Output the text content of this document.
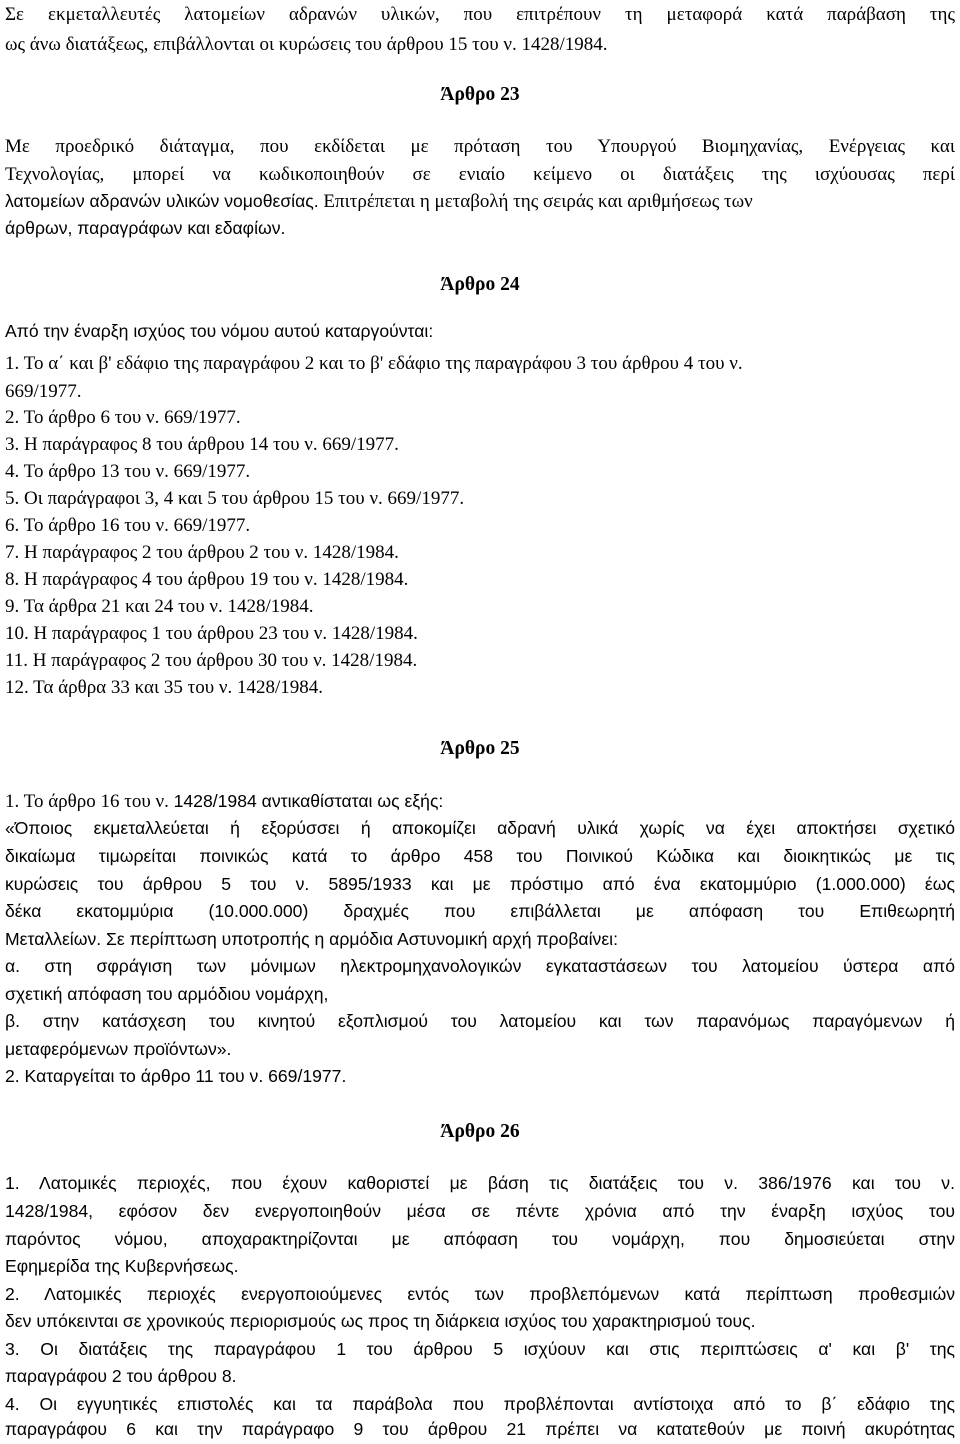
Σε εκμεταλλευτές λατομείων αδρανών υλικών, που επιτρέπουν τη μεταφορά κατά παράβαση της
ως άνω διατάξεως, επιβάλλονται οι κυρώσεις του άρθρου 15 του ν. 1428/1984.
Άρθρο 23
Με προεδρικό διάταγμα, που εκδίδεται με πρόταση του Υπουργού Βιομηχανίας, Ενέργειας και
Τεχνολογίας, μπορεί να κωδικοποιηθούν σε ενιαίο κείμενο οι διατάξεις της ισχύουσας περί
λατομείων αδρανών υλικών νομοθεσίας. Επιτρέπεται η μεταβολή της σειράς και αριθμήσεως των
άρθρων, παραγράφων και εδαφίων.
Άρθρο 24
Από την έναρξη ισχύος του νόμου αυτού καταργούνται:
1. Το α΄ και β' εδάφιο της παραγράφου 2 και το β' εδάφιο της παραγράφου 3 του άρθρου 4 του ν.
669/1977.
2. Το άρθρο 6 του ν. 669/1977.
3. Η παράγραφος 8 του άρθρου 14 του ν. 669/1977.
4. Το άρθρο 13 του ν. 669/1977.
5. Οι παράγραφοι 3, 4 και 5 του άρθρου 15 του ν. 669/1977.
6. Το άρθρο 16 του ν. 669/1977.
7. Η παράγραφος 2 του άρθρου 2 του ν. 1428/1984.
8. Η παράγραφος 4 του άρθρου 19 του ν. 1428/1984.
9. Τα άρθρα 21 και 24 του ν. 1428/1984.
10. Η παράγραφος 1 του άρθρου 23 του ν. 1428/1984.
11. Η παράγραφος 2 του άρθρου 30 του ν. 1428/1984.
12. Τα άρθρα 33 και 35 του ν. 1428/1984.
Άρθρο 25
1. Το άρθρο 16 του ν. 1428/1984 αντικαθίσταται ως εξής:
«Όποιος εκμεταλλεύεται ή εξορύσσει ή αποκομίζει αδρανή υλικά χωρίς να έχει αποκτήσει σχετικό
δικαίωμα τιμωρείται ποινικώς κατά το άρθρο 458 του Ποινικού Κώδικα και διοικητικώς με τις
κυρώσεις του άρθρου 5 του ν. 5895/1933 και με πρόστιμο από ένα εκατομμύριο (1.000.000) έως
δέκα εκατομμύρια (10.000.000) δραχμές που επιβάλλεται με απόφαση του Επιθεωρητή
Μεταλλείων. Σε περίπτωση υποτροπής η αρμόδια Αστυνομική αρχή προβαίνει:
α. στη σφράγιση των μόνιμων ηλεκτρομηχανολογικών εγκαταστάσεων του λατομείου ύστερα από
σχετική απόφαση του αρμόδιου νομάρχη,
β. στην κατάσχεση του κινητού εξοπλισμού του λατομείου και των παρανόμως παραγόμενων ή
μεταφερόμενων προϊόντων».
2. Καταργείται το άρθρο 11 του ν. 669/1977.
Άρθρο 26
1. Λατομικές περιοχές, που έχουν καθοριστεί με βάση τις διατάξεις του ν. 386/1976 και του ν.
1428/1984, εφόσον δεν ενεργοποιηθούν μέσα σε πέντε χρόνια από την έναρξη ισχύος του
παρόντος νόμου, αποχαρακτηρίζονται με απόφαση του νομάρχη, που δημοσιεύεται στην
Εφημερίδα της Κυβερνήσεως.
2. Λατομικές περιοχές ενεργοποιούμενες εντός των προβλεπόμενων κατά περίπτωση προθεσμιών
δεν υπόκεινται σε χρονικούς περιορισμούς ως προς τη διάρκεια ισχύος του χαρακτηρισμού τους.
3. Οι διατάξεις της παραγράφου 1 του άρθρου 5 ισχύουν και στις περιπτώσεις α' και β' της
παραγράφου 2 του άρθρου 8.
4. Οι εγγυητικές επιστολές και τα παράβολα που προβλέπονται αντίστοιχα από το β΄ εδάφιο της
παραγράφου 6 και την παράγραφο 9 του άρθρου 21 πρέπει να κατατεθούν με ποινή ακυρότητας
